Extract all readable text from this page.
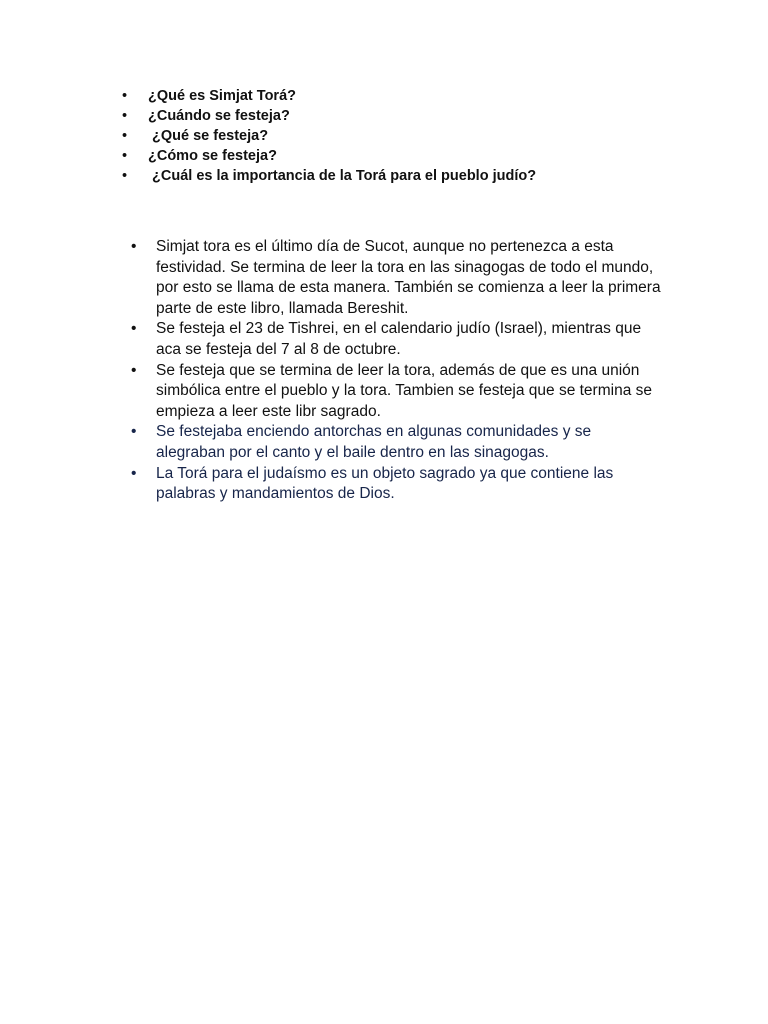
• ¿Qué es Simjat Torá?
• ¿Cuándo se festeja?
• ¿Qué se festeja?
• ¿Cómo se festeja?
• ¿Cuál es la importancia de la Torá para el pueblo judío?
• Simjat tora es el último día de Sucot, aunque no pertenezca a esta festividad. Se termina de leer la tora en las sinagogas de todo el mundo, por esto se llama de esta manera. También se comienza a leer la primera parte de este libro, llamada Bereshit.
• Se festeja el 23 de Tishrei, en el calendario judío (Israel), mientras que aca se festeja del 7 al 8 de octubre.
• Se festeja que se termina de leer la tora, además de que es una unión simbólica entre el pueblo y la tora. Tambien se festeja que se termina se empieza a leer este libr sagrado.
• Se festejaba enciendo antorchas en algunas comunidades y se alegraban por el canto y el baile dentro en las sinagogas.
• La Torá para el judaísmo es un objeto sagrado ya que contiene las palabras y mandamientos de Dios.
